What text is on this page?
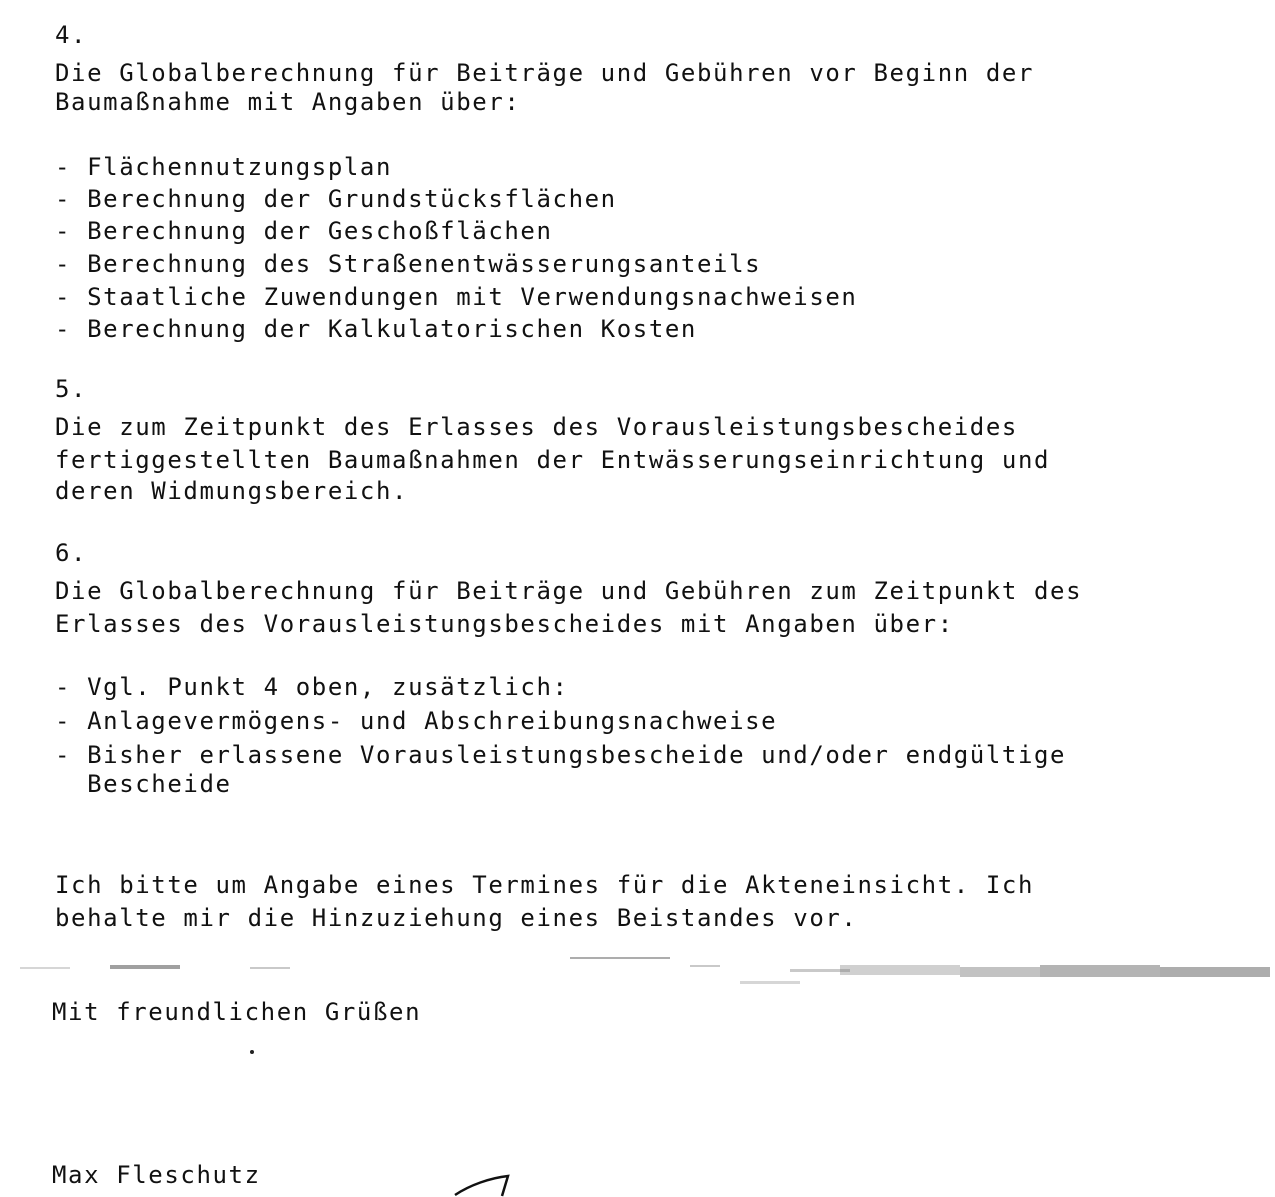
4.
Die Globalberechnung für Beiträge und Gebühren vor Beginn der
Baumaßnahme mit Angaben über:
- Flächennutzungsplan
- Berechnung der Grundstücksflächen
- Berechnung der Geschoßflächen
- Berechnung des Straßenentwässerungsanteils
- Staatliche Zuwendungen mit Verwendungsnachweisen
- Berechnung der Kalkulatorischen Kosten
5.
Die zum Zeitpunkt des Erlasses des Vorausleistungsbescheides
fertiggestellten Baumaßnahmen der Entwässerungseinrichtung und
deren Widmungsbereich.
6.
Die Globalberechnung für Beiträge und Gebühren zum Zeitpunkt des
Erlasses des Vorausleistungsbescheides mit Angaben über:
- Vgl. Punkt 4 oben, zusätzlich:
- Anlagevermögens- und Abschreibungsnachweise
- Bisher erlassene Vorausleistungsbescheide und/oder endgültige
Bescheide
Ich bitte um Angabe eines Termines für die Akteneinsicht. Ich
behalte mir die Hinzuziehung eines Beistandes vor.
Mit freundlichen Grüßen
Max Fleschutz
